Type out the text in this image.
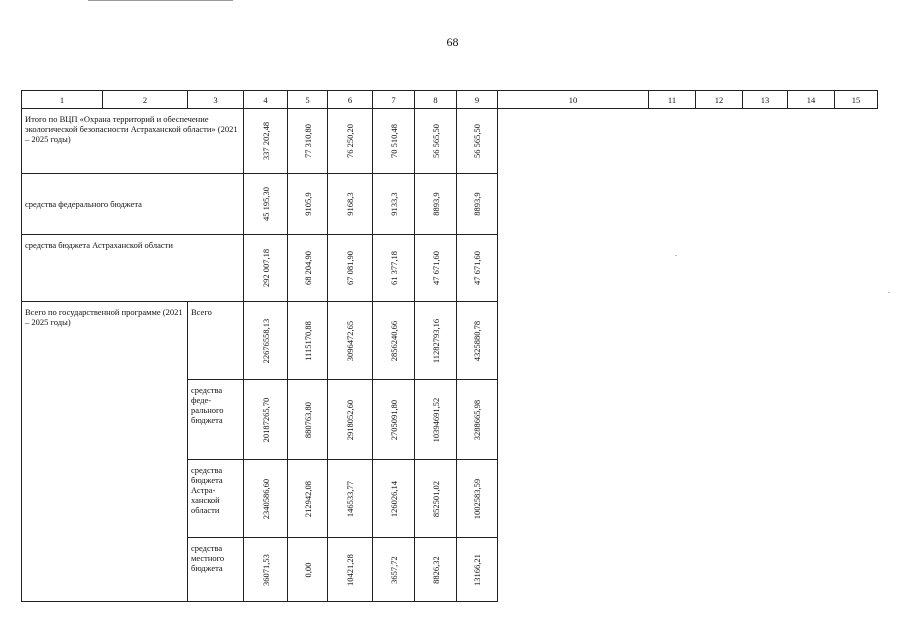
68
1	2	3	4	5	6	7	8	9	10	11	12	13	14	15
Итого по ВЦП «Охрана территорий и обеспечение экологической безопасности Астраханской области» (2021 – 2025 годы)			337 202,48	77 310,80	76 250,20	70 510,48	56 565,50	56 565,50						

средства федерального бюджета			45 195,30	9105,9	9168,3	9133,3	8893,9	8893,9						

средства бюджета Астраханской области			292 007,18	68 204,90	67 081,90	61 377,18	47 671,60	47 671,60						

Всего по государственной программе (2021 – 2025 годы)		Всего	22676558,13	1115170,88	3096472,65	2856240,66	11282793,16	4325880,78						

		средства феде-рального бюджета	20187265,70	880763,80	2918052,60	2705091,80	10394691,52	3288665,98						

		средства бюджета Астра-ханской области	2340586,60	212942,08	146533,77	126026,14	852501,02	1002583,59						

		средства местного бюджета	36071,53	0,00	10421,28	3657,72	8826,32	13166,21						
